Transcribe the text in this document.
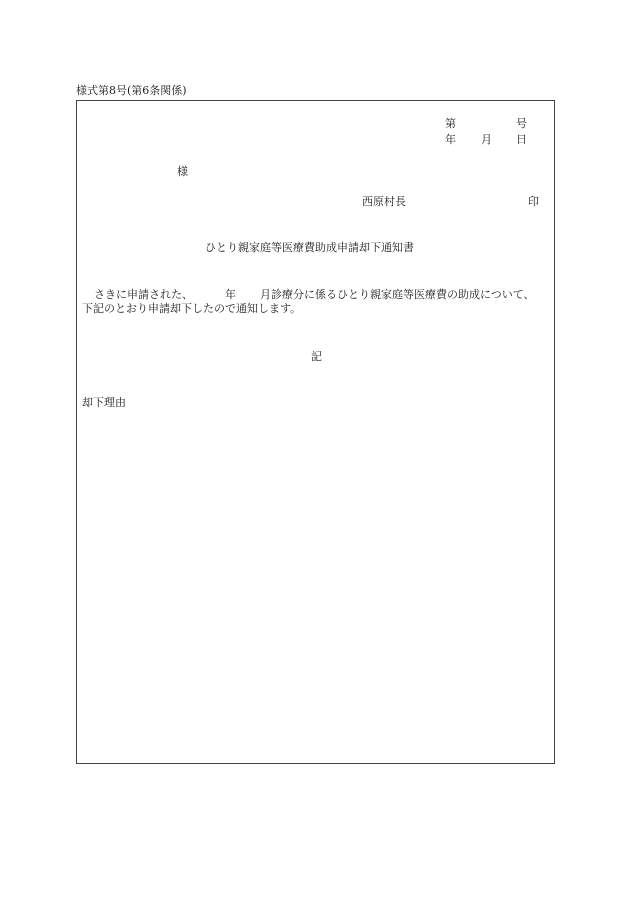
様式第8号(第6条関係)
第	号
年 月 日
様
西原村長	印
ひとり親家庭等医療費助成申請却下通知書
さきに申請された、	年 月診療分に係るひとり親家庭等医療費の助成について、
下記のとおり申請却下したので通知します。
記
却下理由
